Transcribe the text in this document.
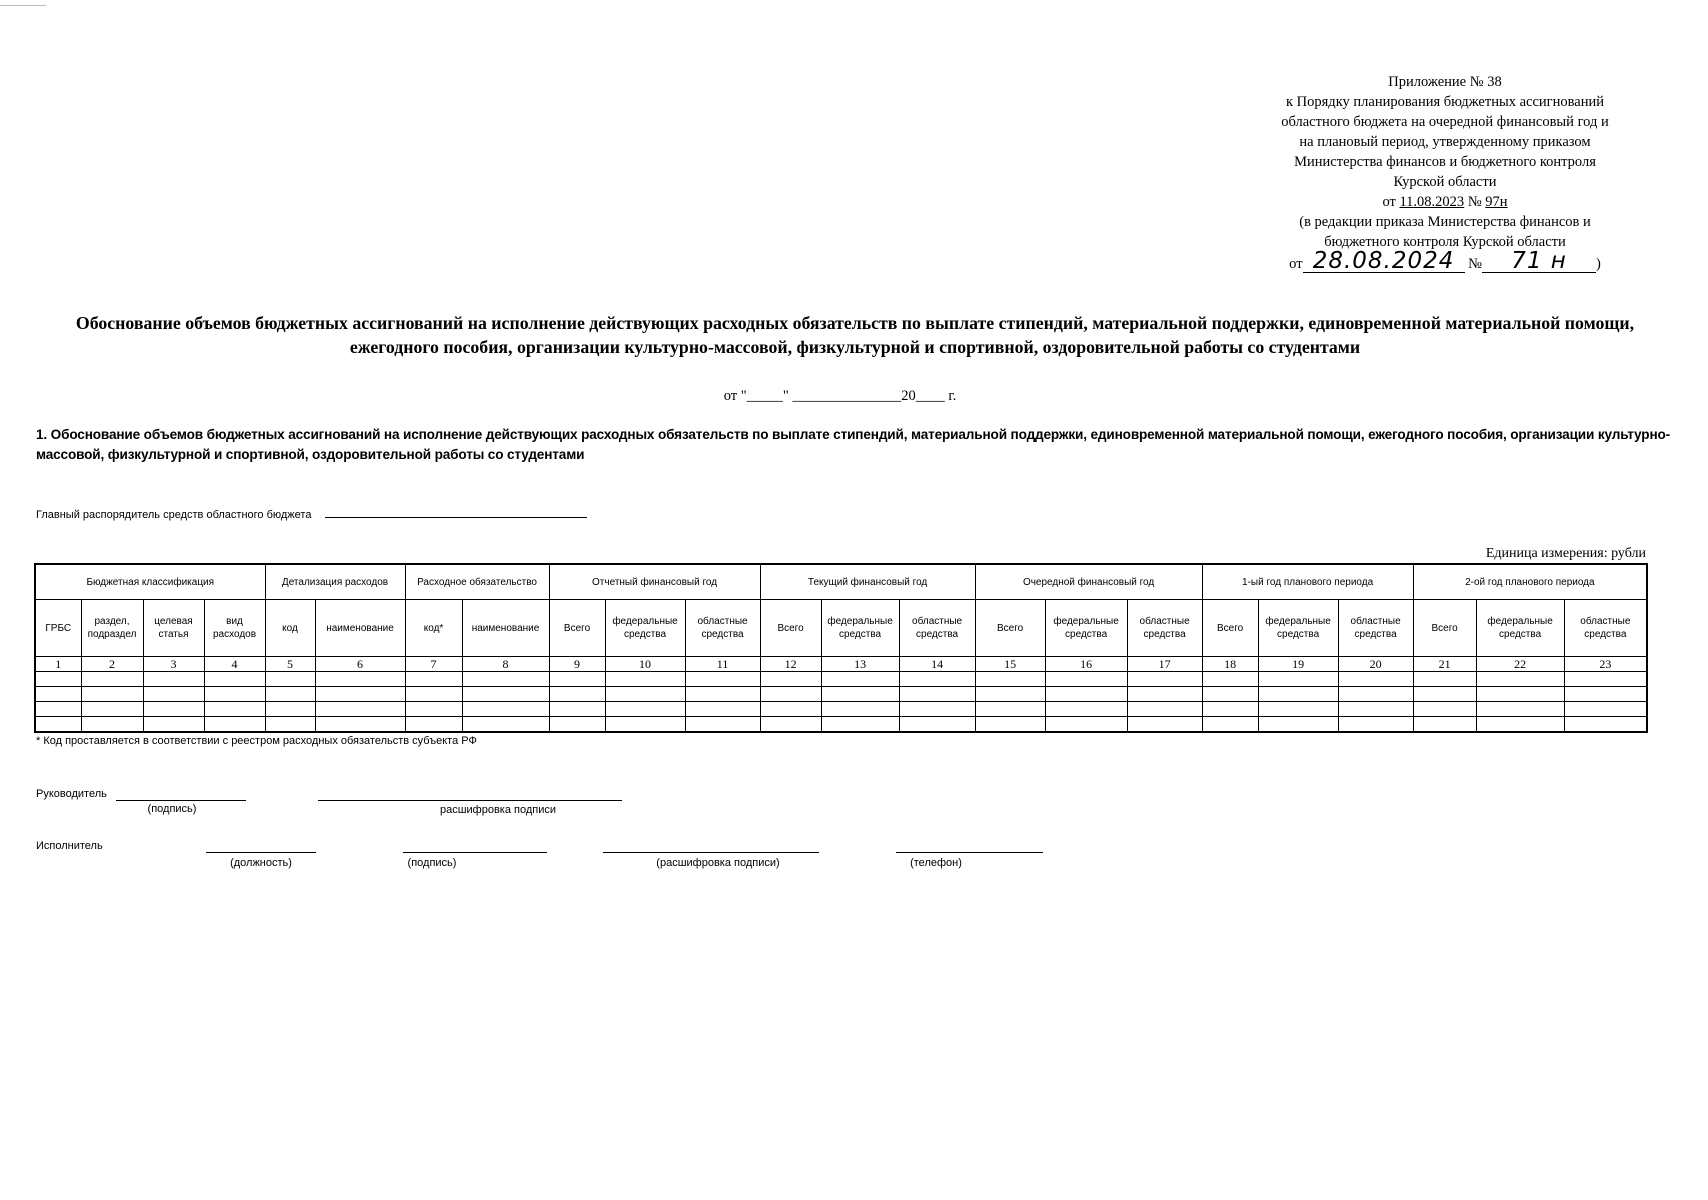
Приложение № 38
к Порядку планирования бюджетных ассигнований
областного бюджета на очередной финансовый год и
на плановый период, утвержденному приказом
Министерства финансов и бюджетного контроля
Курской области
от 11.08.2023 № 97н
(в редакции приказа Министерства финансов и
бюджетного контроля Курской области
от 28.08.2024 № 71 н )
Обоснование объемов бюджетных ассигнований на исполнение действующих расходных обязательств по выплате стипендий, материальной поддержки, единовременной материальной помощи, ежегодного пособия, организации культурно-массовой, физкультурной и спортивной, оздоровительной работы со студентами
от "_____" _______________20____ г.
1. Обоснование объемов бюджетных ассигнований на исполнение действующих расходных обязательств по выплате стипендий, материальной поддержки, единовременной материальной помощи, ежегодного пособия, организации культурно-массовой, физкультурной и спортивной, оздоровительной работы со студентами
Главный распорядитель средств областного бюджета
Единица измерения: рубли
Бюджетная классификация				Детализация расходов		Расходное обязательство		Отчетный финансовый год			Текущий финансовый год			Очередной финансовый год			1-ый год планового периода			2-ой год планового периода		
ГРБС	раздел, подраздел	целевая статья	вид расходов	код	наименование	код*	наименование	Всего	федеральные средства	областные средства	Всего	федеральные средства	областные средства	Всего	федеральные средства	областные средства	Всего	федеральные средства	областные средства	Всего	федеральные средства	областные средства
1	2	3	4	5	6	7	8	9	10	11	12	13	14	15	16	17	18	19	20	21	22	23

* Код проставляется в соответствии с реестром расходных обязательств субъекта РФ
Руководитель
(подпись)	расшифровка подписи
Исполнитель
(должность)	(подпись)	(расшифровка подписи)	(телефон)
